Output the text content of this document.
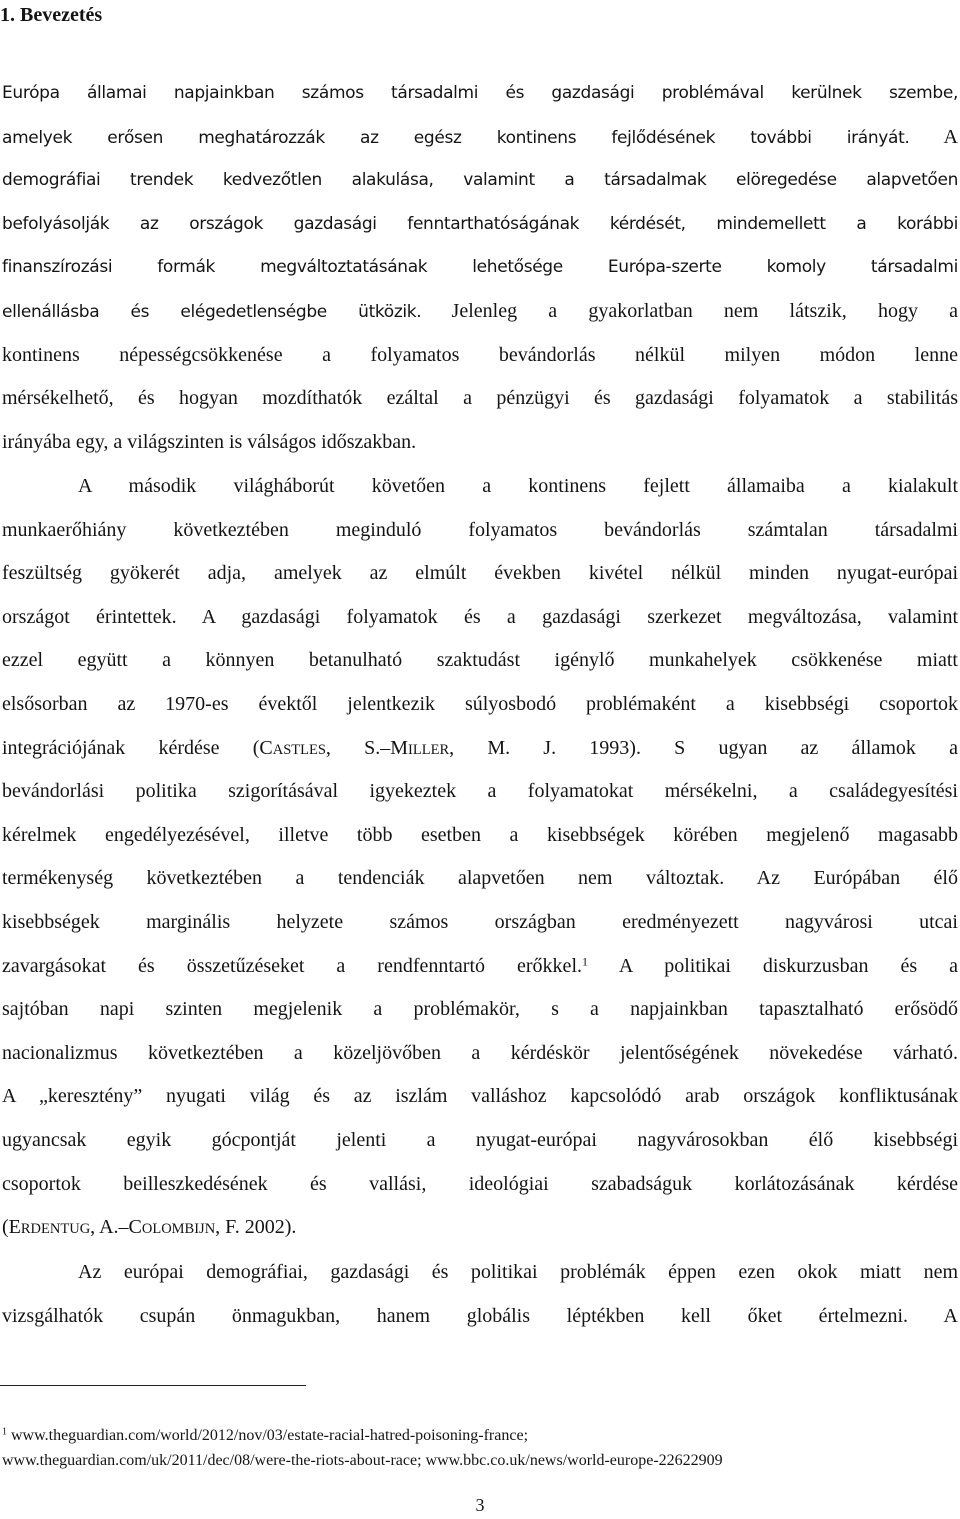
1. Bevezetés
Európa államai napjainkban számos társadalmi és gazdasági problémával kerülnek szembe,
amelyek erősen meghatározzák az egész kontinens fejlődésének további irányát. A
demográfiai trendek kedvezőtlen alakulása, valamint a társadalmak elöregedése alapvetően
befolyásolják az országok gazdasági fenntarthatóságának kérdését, mindemellett a korábbi
finanszírozási formák megváltoztatásának lehetősége Európa-szerte komoly társadalmi
ellenállásba és elégedetlenségbe ütközik. Jelenleg a gyakorlatban nem látszik, hogy a
kontinens népességcsökkenése a folyamatos bevándorlás nélkül milyen módon lenne
mérsékelhető, és hogyan mozdíthatók ezáltal a pénzügyi és gazdasági folyamatok a stabilitás
irányába egy, a világszinten is válságos időszakban.
A második világháborút követően a kontinens fejlett államaiba a kialakult
munkaerőhiány következtében meginduló folyamatos bevándorlás számtalan társadalmi
feszültség gyökerét adja, amelyek az elmúlt években kivétel nélkül minden nyugat-európai
országot érintettek. A gazdasági folyamatok és a gazdasági szerkezet megváltozása, valamint
ezzel együtt a könnyen betanulható szaktudást igénylő munkahelyek csökkenése miatt
elsősorban az 1970-es évektől jelentkezik súlyosbodó problémaként a kisebbségi csoportok
integrációjának kérdése (CASTLES, S.–MILLER, M. J. 1993). S ugyan az államok a
bevándorlási politika szigorításával igyekeztek a folyamatokat mérsékelni, a családegyesítési
kérelmek engedélyezésével, illetve több esetben a kisebbségek körében megjelenő magasabb
termékenység következtében a tendenciák alapvetően nem változtak. Az Európában élő
kisebbségek marginális helyzete számos országban eredményezett nagyvárosi utcai
zavargásokat és összetűzéseket a rendfenntartó erőkkel.$^1$ A politikai diskurzusban és a
sajtóban napi szinten megjelenik a problémakör, s a napjainkban tapasztalható erősödő
nacionalizmus következtében a közeljövőben a kérdéskör jelentőségének növekedése várható.
A „keresztény” nyugati világ és az iszlám valláshoz kapcsolódó arab országok konfliktusának
ugyancsak egyik gócpontját jelenti a nyugat-európai nagyvárosokban élő kisebbségi
csoportok beilleszkedésének és vallási, ideológiai szabadságuk korlátozásának kérdése
(ERDENTUG, A.–COLOMBIJN, F. 2002).
Az európai demográfiai, gazdasági és politikai problémák éppen ezen okok miatt nem
vizsgálhatók csupán önmagukban, hanem globális léptékben kell őket értelmezni. A

$^1$ www.theguardian.com/world/2012/nov/03/estate-racial-hatred-poisoning-france;

www.theguardian.com/uk/2011/dec/08/were-the-riots-about-race; www.bbc.co.uk/news/world-europe-22622909

3
